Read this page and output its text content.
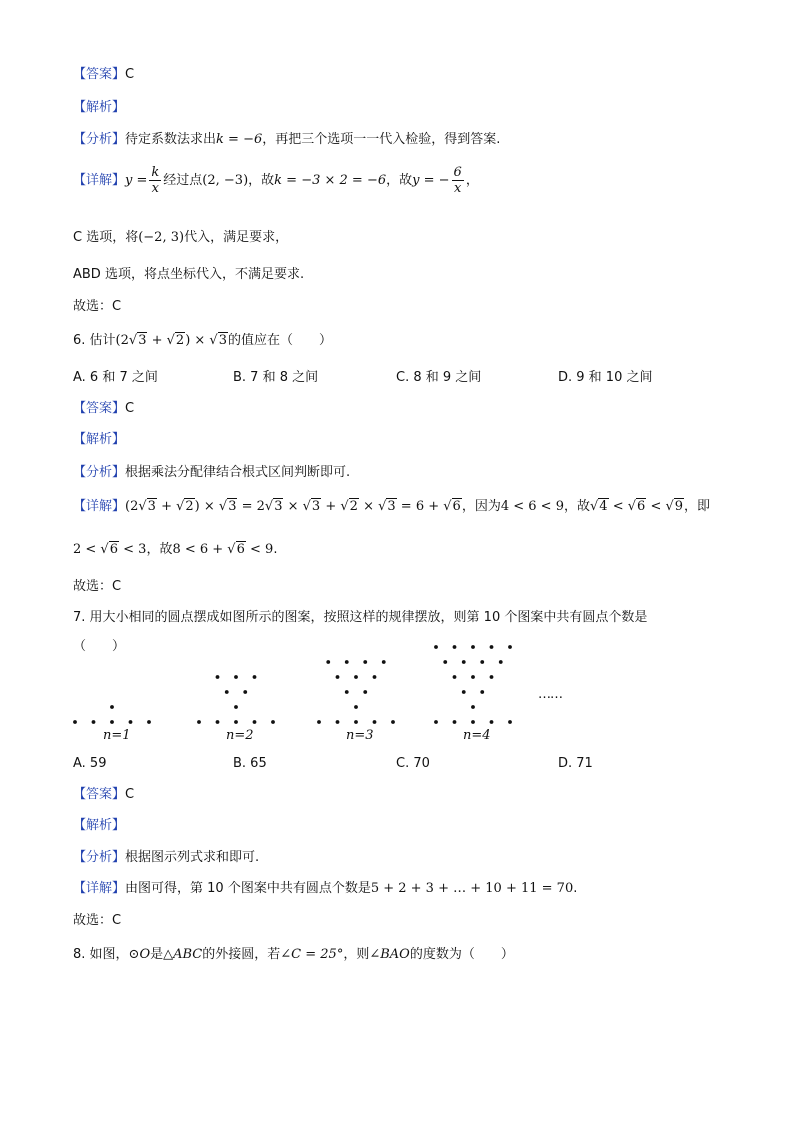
【答案】C
【解析】
【分析】待定系数法求出k = −6，再把三个选项一一代入检验，得到答案.
【详解】$y = \frac{k}{x}$ 经过点(2, −3)，故k = −3 × 2 = −6，故y = − $\frac{6}{x}$ ，
C 选项，将(−2, 3)代入，满足要求，
ABD 选项，将点坐标代入，不满足要求.
故选：C
6. 估计(2√3 + √2) × √3的值应在（　　）
A. 6 和 7 之间	B. 7 和 8 之间	C. 8 和 9 之间	D. 9 和 10 之间
【答案】C
【解析】
【分析】根据乘法分配律结合根式区间判断即可.
【详解】(2√3 + √2) × √3 = 2√3 × √3 + √2 × √3 = 6 + √6，因为4 < 6 < 9，故√4 < √6 < √9，即
2 < √6 < 3，故8 < 6 + √6 < 9.
故选：C
7. 用大小相同的圆点摆成如图所示的图案，按照这样的规律摆放，则第 10 个图案中共有圆点个数是
（　　）
n=1	n=2	n=3	n=4
……
A. 59	B. 65	C. 70	D. 71
【答案】C
【解析】
【分析】根据图示列式求和即可.
【详解】由图可得，第 10 个图案中共有圆点个数是5 + 2 + 3 + … + 10 + 11 = 70.
故选：C
8. 如图，⊙O是△ABC的外接圆，若∠C = 25°，则∠BAO的度数为（　　）
